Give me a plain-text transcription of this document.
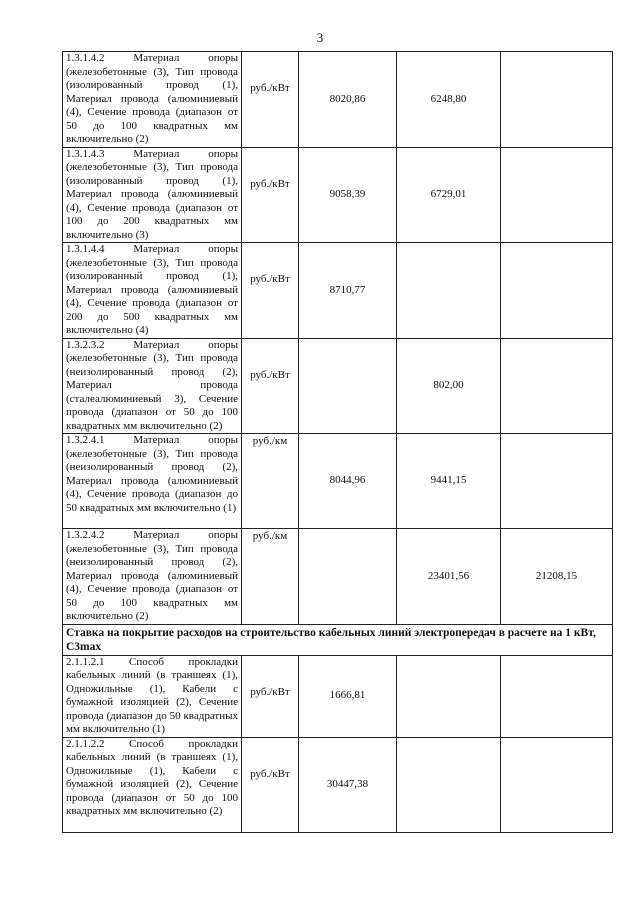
3
1.3.1.4.2 Материал опоры (железобетонные (3), Тип провода (изолированный провод (1), Материал провода (алюминиевый (4), Сечение провода (диапазон от 50 до 100 квадратных мм включительно (2)	руб./кВт	8020,86	6248,80	
1.3.1.4.3 Материал опоры (железобетонные (3), Тип провода (изолированный провод (1), Материал провода (алюминиевый (4), Сечение провода (диапазон от 100 до 200 квадратных мм включительно (3)	руб./кВт	9058,39	6729,01	
1.3.1.4.4 Материал опоры (железобетонные (3), Тип провода (изолированный провод (1), Материал провода (алюминиевый (4), Сечение провода (диапазон от 200 до 500 квадратных мм включительно (4)	руб./кВт	8710,77		
1.3.2.3.2 Материал опоры (железобетонные (3), Тип провода (неизолированный провод (2), Материал провода (сталеалюминиевый 3), Сечение провода (диапазон от 50 до 100 квадратных мм включительно (2)	руб./кВт		802,00	
1.3.2.4.1 Материал опоры (железобетонные (3), Тип провода (неизолированный провод (2), Материал провода (алюминиевый (4), Сечение провода (диапазон до 50 квадратных мм включительно (1)	руб./км	8044,96	9441,15	
1.3.2.4.2 Материал опоры (железобетонные (3), Тип провода (неизолированный провод (2), Материал провода (алюминиевый (4), Сечение провода (диапазон от 50 до 100 квадратных мм включительно (2)	руб./км		23401,56	21208,15
Ставка на покрытие расходов на строительство кабельных линий электропередач в расчете на 1 кВт, С3max				
2.1.1.2.1 Способ прокладки кабельных линий (в траншеях (1), Одножильные (1), Кабели с бумажной изоляцией (2), Сечение провода (диапазон до 50 квадратных мм включительно (1)	руб./кВт	1666,81		
2.1.1.2.2 Способ прокладки кабельных линий (в траншеях (1), Одножильные (1), Кабели с бумажной изоляцией (2), Сечение провода (диапазон от 50 до 100 квадратных мм включительно (2)	руб./кВт	30447,38		
